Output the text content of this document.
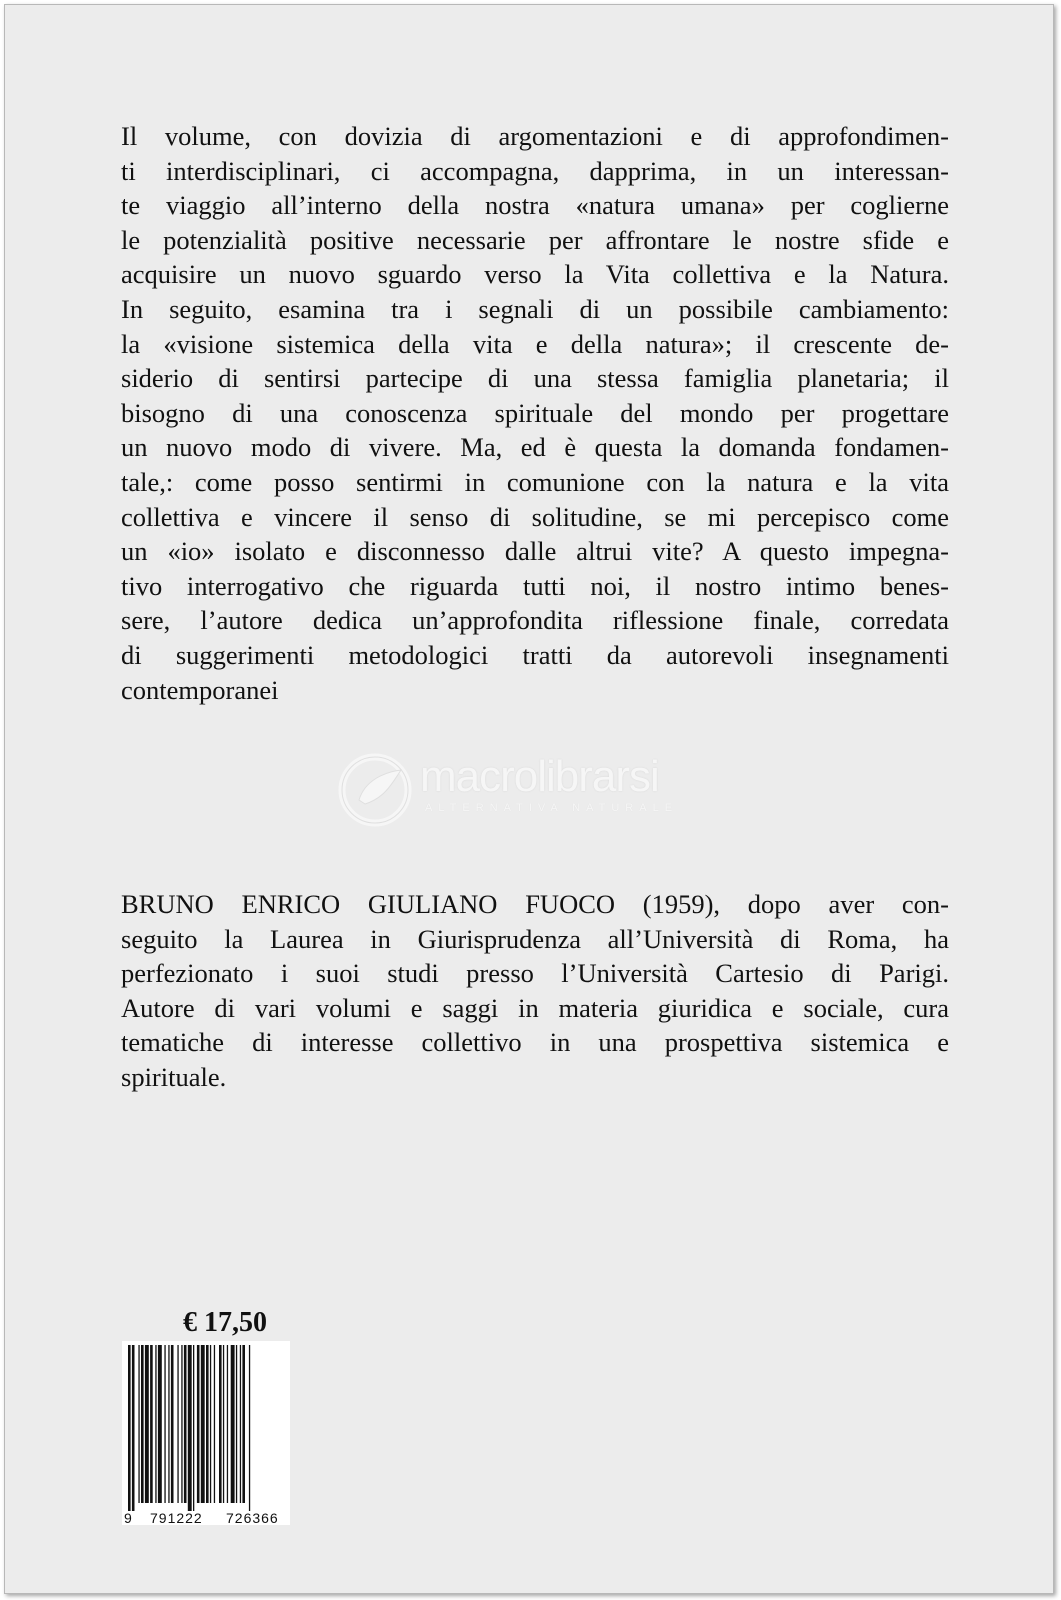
Il volume, con dovizia di argomentazioni e di approfondimen-
ti interdisciplinari, ci accompagna, dapprima, in un interessan-
te viaggio all’interno della nostra «natura umana» per coglierne
le potenzialità positive necessarie per affrontare le nostre sfide e
acquisire un nuovo sguardo verso la Vita collettiva e la Natura.
In seguito, esamina tra i segnali di un possibile cambiamento:
la «visione sistemica della vita e della natura»; il crescente de-
siderio di sentirsi partecipe di una stessa famiglia planetaria; il
bisogno di una conoscenza spirituale del mondo per progettare
un nuovo modo di vivere. Ma, ed è questa la domanda fondamen-
tale,: come posso sentirmi in comunione con la natura e la vita
collettiva e vincere il senso di solitudine, se mi percepisco come
un «io» isolato e disconnesso dalle altrui vite? A questo impegna-
tivo interrogativo che riguarda tutti noi, il nostro intimo benes-
sere, l’autore dedica un’approfondita riflessione finale, corredata
di suggerimenti metodologici tratti da autorevoli insegnamenti
contemporanei
macrolibrarsi
ALTERNATIVA NATURALE
BRUNO ENRICO GIULIANO FUOCO (1959), dopo aver con-
seguito la Laurea in Giurisprudenza all’Università di Roma, ha
perfezionato i suoi studi presso l’Università Cartesio di Parigi.
Autore di vari volumi e saggi in materia giuridica e sociale, cura
tematiche di interesse collettivo in una prospettiva sistemica e
spirituale.
€ 17,50
9 791222 726366
